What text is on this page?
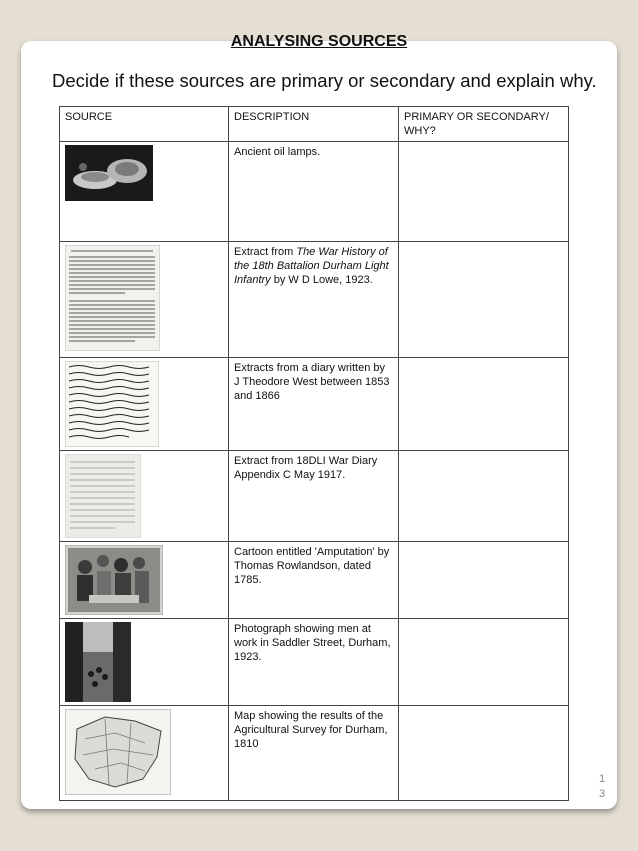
ANALYSING SOURCES
Decide if these sources are primary or secondary and explain why.
SOURCE	DESCRIPTION	PRIMARY OR SECONDARY/ WHY?

	Ancient oil lamps.	

	Extract from The War History of the 18th Battalion Durham Light Infantry by W D Lowe, 1923.	

	Extracts from a diary written by J Theodore West between 1853 and 1866	

	Extract from 18DLI War Diary Appendix C May 1917.	

	Cartoon entitled 'Amputation' by Thomas Rowlandson, dated 1785.	

	Photograph showing men at work in Saddler Street, Durham, 1923.	

	Map showing the results of the Agricultural Survey for Durham, 1810	
1
3
